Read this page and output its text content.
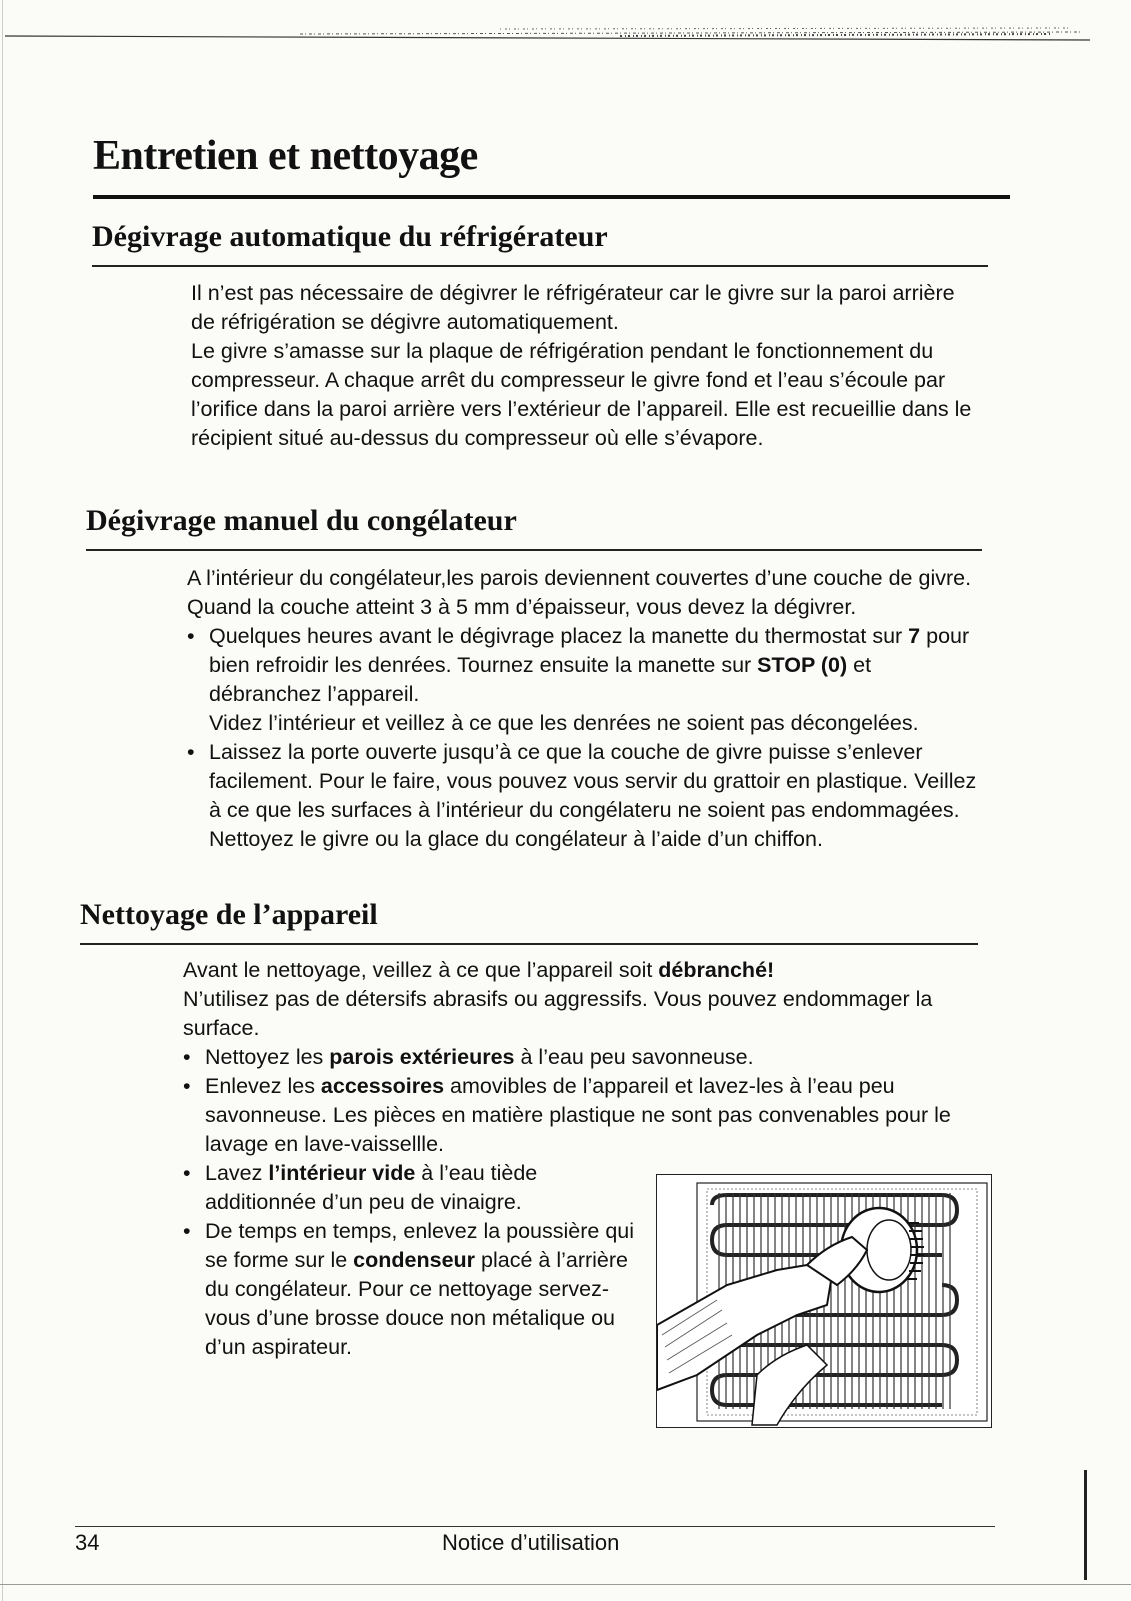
Entretien et nettoyage
Dégivrage automatique du réfrigérateur

Il n’est pas nécessaire de dégivrer le réfrigérateur car le givre sur la paroi arrière de réfrigération se dégivre automatiquement.

Le givre s’amasse sur la plaque de réfrigération pendant le fonctionnement du compresseur. A chaque arrêt du compresseur le givre fond et l’eau s’écoule par l’orifice dans la paroi arrière vers l’extérieur de l’appareil. Elle est recueillie dans le récipient situé au-dessus du compresseur où elle s’évapore.

Dégivrage manuel du congélateur

A l’intérieur du congélateur,les parois deviennent couvertes d’une couche de givre. Quand la couche atteint 3 à 5 mm d’épaisseur, vous devez la dégivrer.

• Quelques heures avant le dégivrage placez la manette du thermostat sur 7 pour bien refroidir les denrées. Tournez ensuite la manette sur STOP (0) et débranchez l’appareil.
Videz l’intérieur et veillez à ce que les denrées ne soient pas décongelées.
• Laissez la porte ouverte jusqu’à ce que la couche de givre puisse s’enlever facilement. Pour le faire, vous pouvez vous servir du grattoir en plastique. Veillez à ce que les surfaces à l’intérieur du congélateru ne soient pas endommagées.
Nettoyez le givre ou la glace du congélateur à l’aide d’un chiffon.
Nettoyage de l’appareil

Avant le nettoyage, veillez à ce que l’appareil soit débranché!

N’utilisez pas de détersifs abrasifs ou aggressifs. Vous pouvez endommager la surface.

• Nettoyez les parois extérieures à l’eau peu savonneuse.
• Enlevez les accessoires amovibles de l’appareil et lavez-les à l’eau peu savonneuse. Les pièces en matière plastique ne sont pas convenables pour le lavage en lave-vaissellle.
• Lavez l’intérieur vide à l’eau tiède additionnée d’un peu de vinaigre.
• De temps en temps, enlevez la poussière qui se forme sur le condenseur placé à l’arrière du congélateur. Pour ce nettoyage servez-vous d’une brosse douce non métalique ou d’un aspirateur.
34	Notice d’utilisation
